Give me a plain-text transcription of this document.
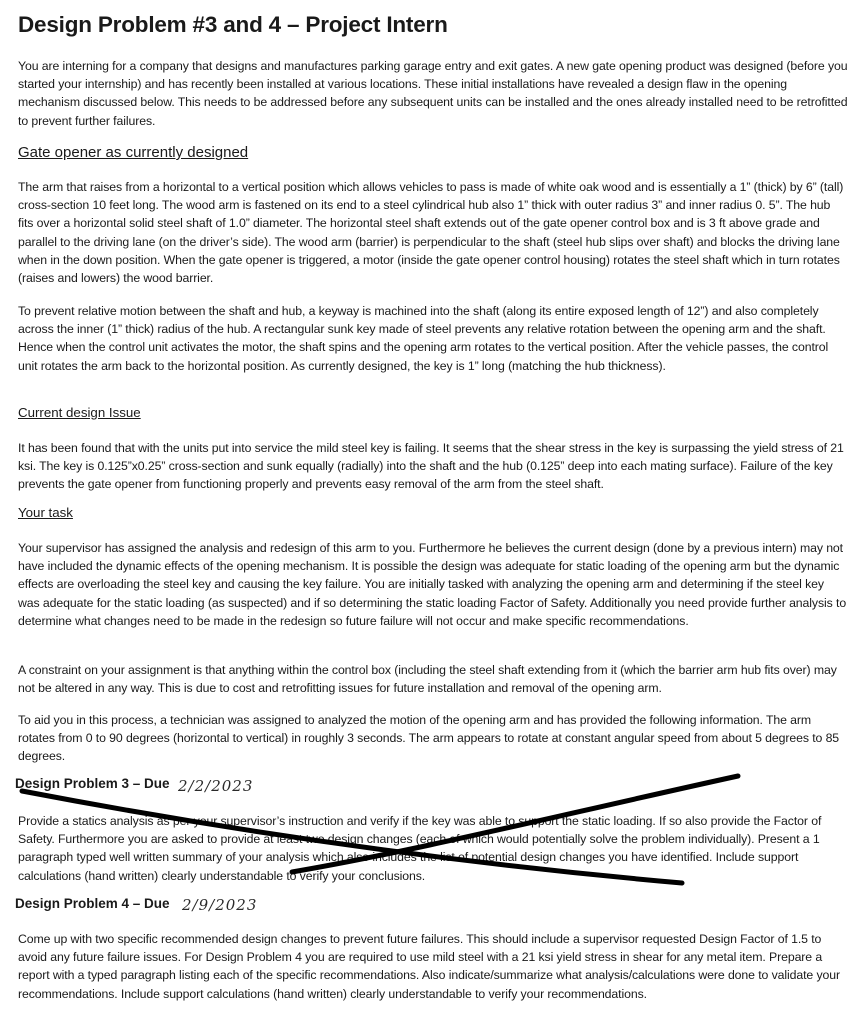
Design Problem #3 and 4 – Project Intern

You are interning for a company that designs and manufactures parking garage entry and exit gates. A new gate opening product was designed (before you started your internship) and has recently been installed at various locations. These initial installations have revealed a design flaw in the opening mechanism discussed below. This needs to be addressed before any subsequent units can be installed and the ones already installed need to be retrofitted to prevent further failures.

Gate opener as currently designed

The arm that raises from a horizontal to a vertical position which allows vehicles to pass is made of white oak wood and is essentially a 1” (thick) by 6” (tall) cross-section 10 feet long. The wood arm is fastened on its end to a steel cylindrical hub also 1” thick with outer radius 3” and inner radius 0. 5”. The hub fits over a horizontal solid steel shaft of 1.0” diameter. The horizontal steel shaft extends out of the gate opener control box and is 3 ft above grade and parallel to the driving lane (on the driver’s side). The wood arm (barrier) is perpendicular to the shaft (steel hub slips over shaft) and blocks the driving lane when in the down position. When the gate opener is triggered, a motor (inside the gate opener control housing) rotates the steel shaft which in turn rotates (raises and lowers) the wood barrier.

To prevent relative motion between the shaft and hub, a keyway is machined into the shaft (along its entire exposed length of 12”) and also completely across the inner (1” thick) radius of the hub. A rectangular sunk key made of steel prevents any relative rotation between the opening arm and the shaft. Hence when the control unit activates the motor, the shaft spins and the opening arm rotates to the vertical position. After the vehicle passes, the control unit rotates the arm back to the horizontal position. As currently designed, the key is 1” long (matching the hub thickness).

Current design Issue

It has been found that with the units put into service the mild steel key is failing. It seems that the shear stress in the key is surpassing the yield stress of 21 ksi. The key is 0.125”x0.25” cross-section and sunk equally (radially) into the shaft and the hub (0.125” deep into each mating surface). Failure of the key prevents the gate opener from functioning properly and prevents easy removal of the arm from the steel shaft.

Your task

Your supervisor has assigned the analysis and redesign of this arm to you. Furthermore he believes the current design (done by a previous intern) may not have included the dynamic effects of the opening mechanism. It is possible the design was adequate for static loading of the opening arm but the dynamic effects are overloading the steel key and causing the key failure. You are initially tasked with analyzing the opening arm and determining if the steel key was adequate for the static loading (as suspected) and if so determining the static loading Factor of Safety. Additionally you need provide further analysis to determine what changes need to be made in the redesign so future failure will not occur and make specific recommendations.

A constraint on your assignment is that anything within the control box (including the steel shaft extending from it (which the barrier arm hub fits over) may not be altered in any way. This is due to cost and retrofitting issues for future installation and removal of the opening arm.

To aid you in this process, a technician was assigned to analyzed the motion of the opening arm and has provided the following information. The arm rotates from 0 to 90 degrees (horizontal to vertical) in roughly 3 seconds. The arm appears to rotate at constant angular speed from about 5 degrees to 85 degrees.

Design Problem 3 – Due 2/2/2023

Provide a statics analysis as per your supervisor’s instruction and verify if the key was able to support the static loading. If so also provide the Factor of Safety. Furthermore you are asked to provide at least two design changes (each of which would potentially solve the problem individually). Present a 1 paragraph typed well written summary of your analysis which also includes the list of potential design changes you have identified. Include support calculations (hand written) clearly understandable to verify your conclusions.

Design Problem 4 – Due 2/9/2023

Come up with two specific recommended design changes to prevent future failures. This should include a supervisor requested Design Factor of 1.5 to avoid any future failure issues. For Design Problem 4 you are required to use mild steel with a 21 ksi yield stress in shear for any metal item. Prepare a report with a typed paragraph listing each of the specific recommendations. Also indicate/summarize what analysis/calculations were done to validate your recommendations. Include support calculations (hand written) clearly understandable to verify your recommendations.
